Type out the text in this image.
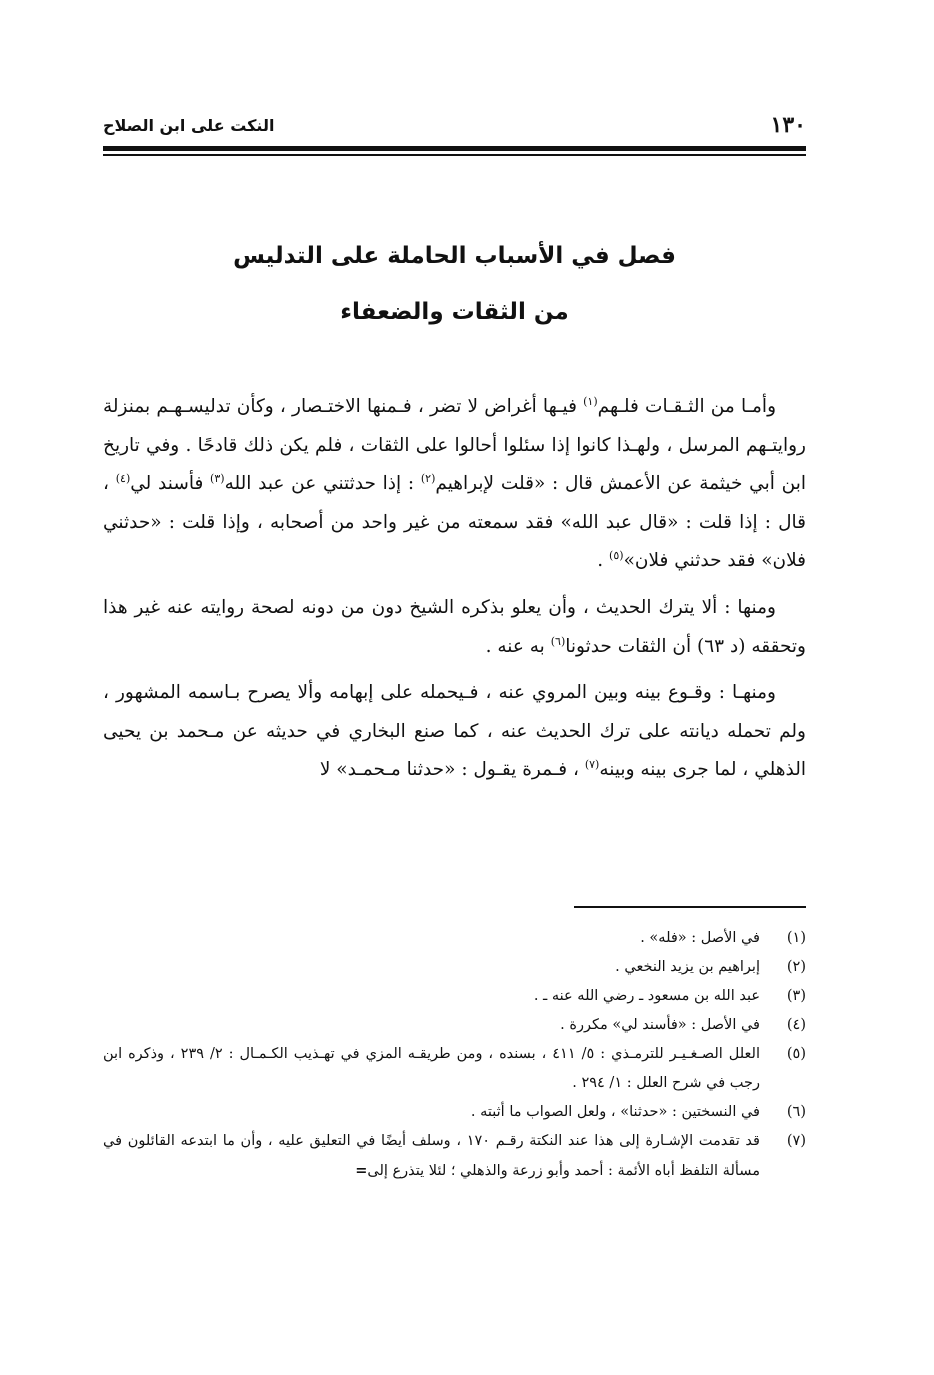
١٣٠
النكت على ابن الصلاح
فصل في الأسباب الحاملة على التدليس
من الثقات والضعفاء

وأمـا من الثـقـات فلـهم$^{(١)}$ فيـها أغراض لا تضر ، فـمنها الاختـصار ، وكأن تدليسـهـم بمنزلة روايتـهم المرسل ، ولهـذا كانوا إذا سئلوا أحالوا على الثقات ، فلم يكن ذلك قادحًا . وفي تاريخ ابن أبي خيثمة عن الأعمش قال : «قلت لإبراهيم$^{(٢)}$ : إذا حدثتني عن عبد الله$^{(٣)}$ فأسند لي$^{(٤)}$ ، قال : إذا قلت : «قال عبد الله» فقد سمعته من غير واحد من أصحابه ، وإذا قلت : «حدثني فلان» فقد حدثني فلان»$^{(٥)}$ .

ومنها : ألا يترك الحديث ، وأن يعلو بذكره الشيخ دون من دونه لصحة روايته عنه غير هذا وتحققه (د ٦٣) أن الثقات حدثونا$^{(٦)}$ به عنه .

ومنهـا : وقـوع بينه وبين المروي عنه ، فـيحمله على إبهامه وألا يصرح بـاسمه المشهور ، ولم تحمله ديانته على ترك الحديث عنه ، كما صنع البخاري في حديثه عن مـحمد بن يحيى الذهلي ، لما جرى بينه وبينه$^{(٧)}$ ، فـمرة يقـول : «حدثنا مـحمـد» لا

(١)
في الأصل : «فله» .
(٢)
إبراهيم بن يزيد النخعي .
(٣)
عبد الله بن مسعود ـ رضي الله عنه ـ .
(٤)
في الأصل : «فأسند لي» مكررة .
(٥)
العلل الصـغـيـر للترمـذي : ٥/ ٤١١ ، بسنده ، ومن طريقـه المزي في تهـذيب الكـمـال : ٢/ ٢٣٩ ، وذكره ابن رجب في شرح العلل : ١/ ٢٩٤ .
(٦)
في النسختين : «حدثنا» ، ولعل الصواب ما أثبته .
(٧)
قد تقدمت الإشـارة إلى هذا عند النكتة رقـم ١٧٠ ، وسلف أيضًا في التعليق عليه ، وأن ما ابتدعه القائلون في مسألة التلفظ أباه الأئمة : أحمد وأبو زرعة والذهلي ؛ لئلا يتذرع إلى=
